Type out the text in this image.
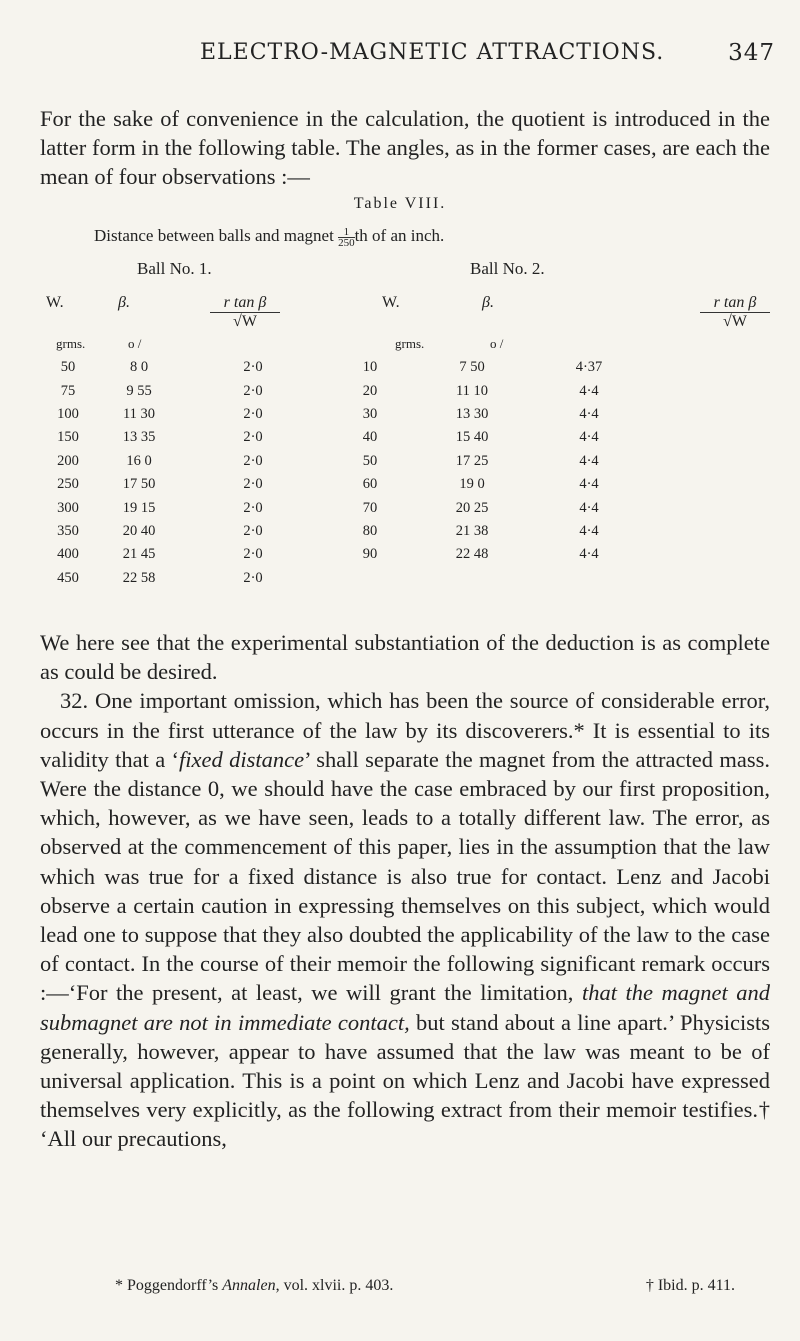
ELECTRO-MAGNETIC ATTRACTIONS.	347
For the sake of convenience in the calculation, the quotient is introduced in the latter form in the following table. The angles, as in the former cases, are each the mean of four observations :—
Table VIII.
Distance between balls and magnet $\frac{1}{250}$ th of an inch.
Ball No. 1.	Ball No. 2.
W.	β.	$\frac{\text{r tan β}}{√W}$	W.	β.	$\frac{\text{r tan β}}{√W}$
grms.	o /	grms.	o /
50	8 0	2·0	10	7 50	4·37
75	9 55	2·0	20	11 10	4·4
100	11 30	2·0	30	13 30	4·4
150	13 35	2·0	40	15 40	4·4
200	16 0	2·0	50	17 25	4·4
250	17 50	2·0	60	19 0	4·4
300	19 15	2·0	70	20 25	4·4
350	20 40	2·0	80	21 38	4·4
400	21 45	2·0	90	22 48	4·4
450	22 58	2·0			
We here see that the experimental substantiation of the deduction is as complete as could be desired.
32. One important omission, which has been the source of considerable error, occurs in the first utterance of the law by its discoverers.* It is essential to its validity that a ‘fixed distance’ shall separate the magnet from the attracted mass. Were the distance 0, we should have the case embraced by our first proposition, which, however, as we have seen, leads to a totally different law. The error, as observed at the commencement of this paper, lies in the assumption that the law which was true for a fixed distance is also true for contact. Lenz and Jacobi observe a certain caution in expressing themselves on this subject, which would lead one to suppose that they also doubted the applicability of the law to the case of contact. In the course of their memoir the following significant remark occurs :—‘For the present, at least, we will grant the limitation, that the magnet and submagnet are not in immediate contact, but stand about a line apart.’ Physicists generally, however, appear to have assumed that the law was meant to be of universal application. This is a point on which Lenz and Jacobi have expressed themselves very explicitly, as the following extract from their memoir testifies.† ‘All our precautions,
* Poggendorff’s Annalen, vol. xlvii. p. 403.	† Ibid. p. 411.
